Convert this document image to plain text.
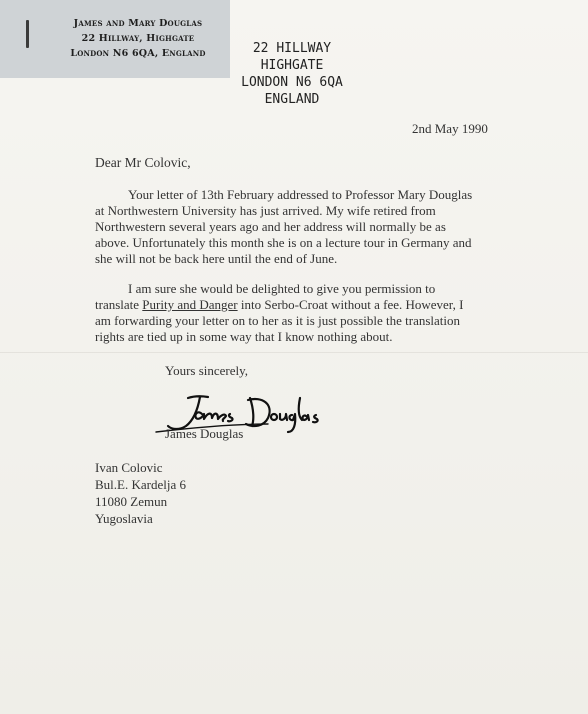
James and Mary Douglas
22 Hillway, Highgate
London N6 6QA, England	22 HILLWAY
HIGHGATE
LONDON N6 6QA
ENGLAND
2nd May 1990
Dear Mr Colovic,
Your letter of 13th February addressed to Professor Mary Douglas
at Northwestern University has just arrived. My wife retired from
Northwestern several years ago and her address will normally be as
above. Unfortunately this month she is on a lecture tour in Germany and
she will not be back here until the end of June.
I am sure she would be delighted to give you permission to
translate Purity and Danger into Serbo-Croat without a fee. However, I
am forwarding your letter on to her as it is just possible the translation
rights are tied up in some way that I know nothing about.
Yours sincerely,
James Douglas
Ivan Colovic
Bul.E. Kardelja 6
11080 Zemun
Yugoslavia
